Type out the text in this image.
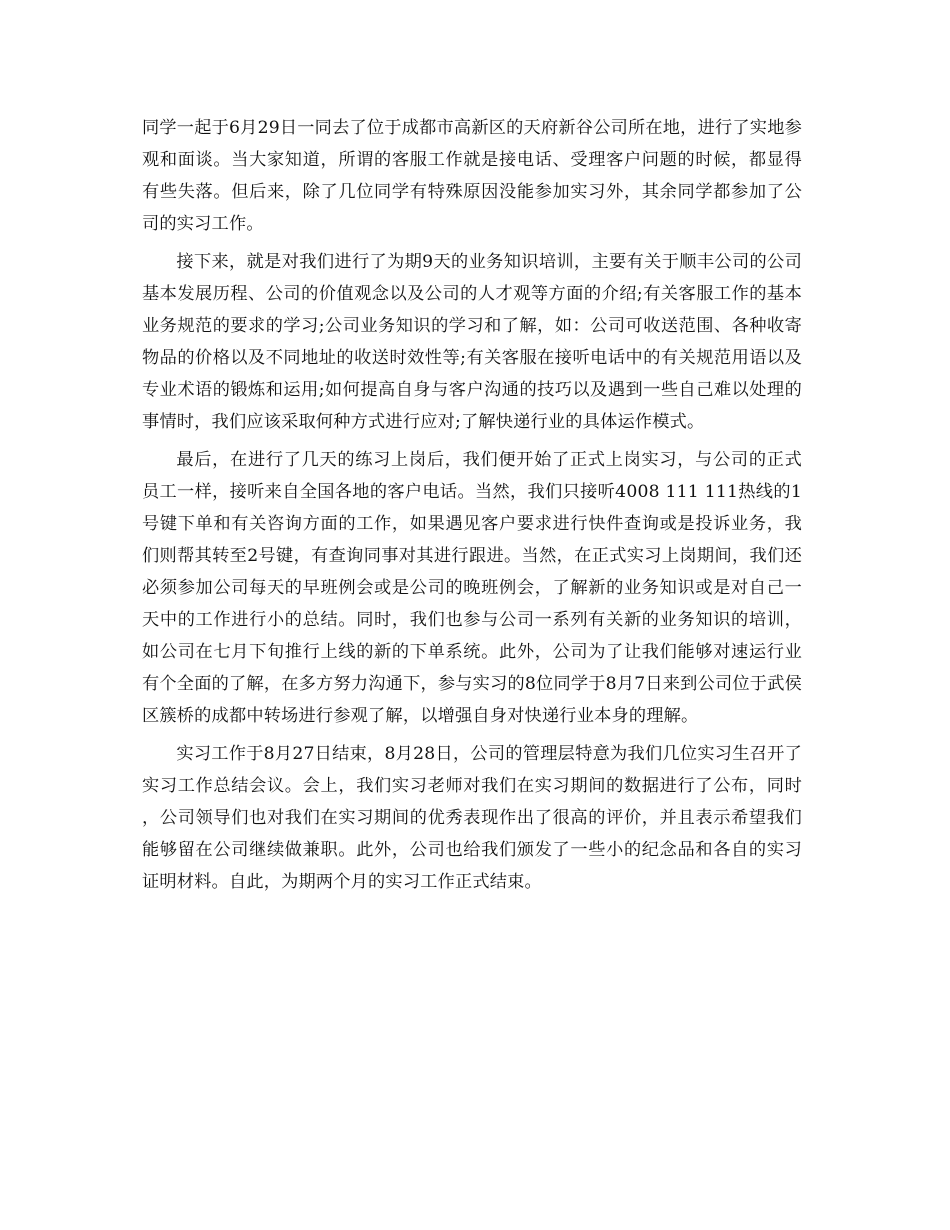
同学一起于6月29日一同去了位于成都市高新区的天府新谷公司所在地，进行了实地参观和面谈。当大家知道，所谓的客服工作就是接电话、受理客户问题的时候，都显得有些失落。但后来，除了几位同学有特殊原因没能参加实习外，其余同学都参加了公司的实习工作。

接下来，就是对我们进行了为期9天的业务知识培训，主要有关于顺丰公司的公司基本发展历程、公司的价值观念以及公司的人才观等方面的介绍;有关客服工作的基本业务规范的要求的学习;公司业务知识的学习和了解，如：公司可收送范围、各种收寄物品的价格以及不同地址的收送时效性等;有关客服在接听电话中的有关规范用语以及专业术语的锻炼和运用;如何提高自身与客户沟通的技巧以及遇到一些自己难以处理的事情时，我们应该采取何种方式进行应对;了解快递行业的具体运作模式。

最后，在进行了几天的练习上岗后，我们便开始了正式上岗实习，与公司的正式员工一样，接听来自全国各地的客户电话。当然，我们只接听4008 111 111热线的1号键下单和有关咨询方面的工作，如果遇见客户要求进行快件查询或是投诉业务，我们则帮其转至2号键，有查询同事对其进行跟进。当然，在正式实习上岗期间，我们还必须参加公司每天的早班例会或是公司的晚班例会，了解新的业务知识或是对自己一天中的工作进行小的总结。同时，我们也参与公司一系列有关新的业务知识的培训，如公司在七月下旬推行上线的新的下单系统。此外，公司为了让我们能够对速运行业有个全面的了解，在多方努力沟通下，参与实习的8位同学于8月7日来到公司位于武侯区簇桥的成都中转场进行参观了解，以增强自身对快递行业本身的理解。

实习工作于8月27日结束，8月28日，公司的管理层特意为我们几位实习生召开了实习工作总结会议。会上，我们实习老师对我们在实习期间的数据进行了公布，同时，公司领导们也对我们在实习期间的优秀表现作出了很高的评价，并且表示希望我们能够留在公司继续做兼职。此外，公司也给我们颁发了一些小的纪念品和各自的实习证明材料。自此，为期两个月的实习工作正式结束。
